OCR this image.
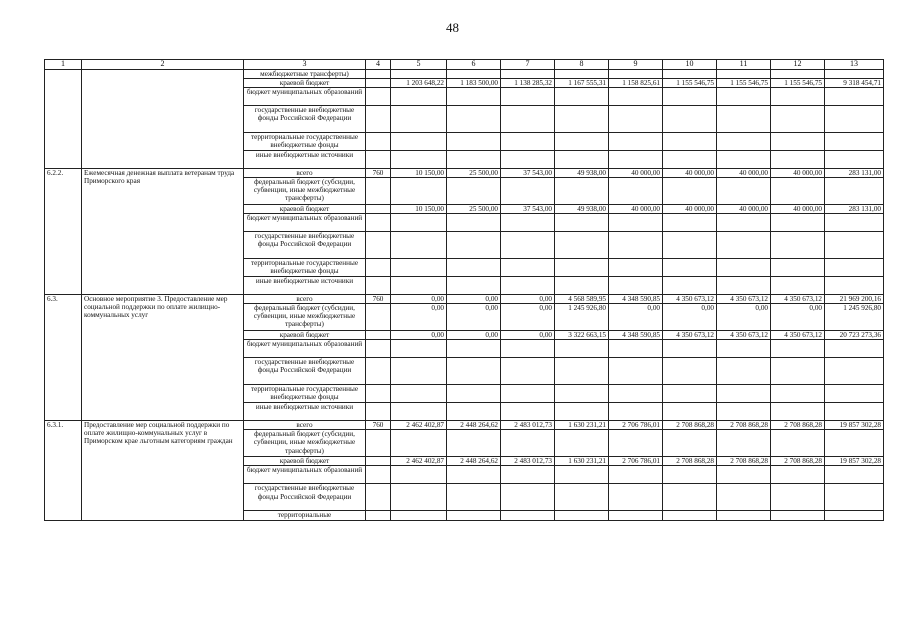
48
1	2	3	4	5	6	7	8	9	10	11	12	13
		межбюджетные трансферты)										
		краевой бюджет		1 203 648,22	1 183 500,00	1 138 285,32	1 167 555,31	1 158 825,61	1 155 546,75	1 155 546,75	1 155 546,75	9 318 454,71
		бюджет муниципальных образований										
		государственные внебюджетные фонды Российской Федерации										
		территориальные государственные внебюджетные фонды										
		иные внебюджетные источники										
6.2.2.	Ежемесячная денежная выплата ветеранам труда Приморского края	всего	760	10 150,00	25 500,00	37 543,00	49 938,00	40 000,00	40 000,00	40 000,00	40 000,00	283 131,00
		федеральный бюджет (субсидии, субвенции, иные межбюджетные трансферты)										
		краевой бюджет		10 150,00	25 500,00	37 543,00	49 938,00	40 000,00	40 000,00	40 000,00	40 000,00	283 131,00
		бюджет муниципальных образований										
		государственные внебюджетные фонды Российской Федерации										
		территориальные государственные внебюджетные фонды										
		иные внебюджетные источники										
6.3.	Основное мероприятие 3. Предоставление мер социальной поддержки по оплате жилищно-коммунальных услуг	всего	760	0,00	0,00	0,00	4 568 589,95	4 348 590,85	4 350 673,12	4 350 673,12	4 350 673,12	21 969 200,16
		федеральный бюджет (субсидии, субвенции, иные межбюджетные трансферты)		0,00	0,00	0,00	1 245 926,80	0,00	0,00	0,00	0,00	1 245 926,80
		краевой бюджет		0,00	0,00	0,00	3 322 663,15	4 348 590,85	4 350 673,12	4 350 673,12	4 350 673,12	20 723 273,36
		бюджет муниципальных образований										
		государственные внебюджетные фонды Российской Федерации										
		территориальные государственные внебюджетные фонды										
		иные внебюджетные источники										
6.3.1.	Предоставление мер социальной поддержки по оплате жилищно-коммунальных услуг в Приморском крае льготным категориям граждан	всего	760	2 462 402,87	2 448 264,62	2 483 012,73	1 630 231,21	2 706 786,01	2 708 868,28	2 708 868,28	2 708 868,28	19 857 302,28
		федеральный бюджет (субсидии, субвенции, иные межбюджетные трансферты)										
		краевой бюджет		2 462 402,87	2 448 264,62	2 483 012,73	1 630 231,21	2 706 786,01	2 708 868,28	2 708 868,28	2 708 868,28	19 857 302,28
		бюджет муниципальных образований										
		государственные внебюджетные фонды Российской Федерации										
		территориальные										
